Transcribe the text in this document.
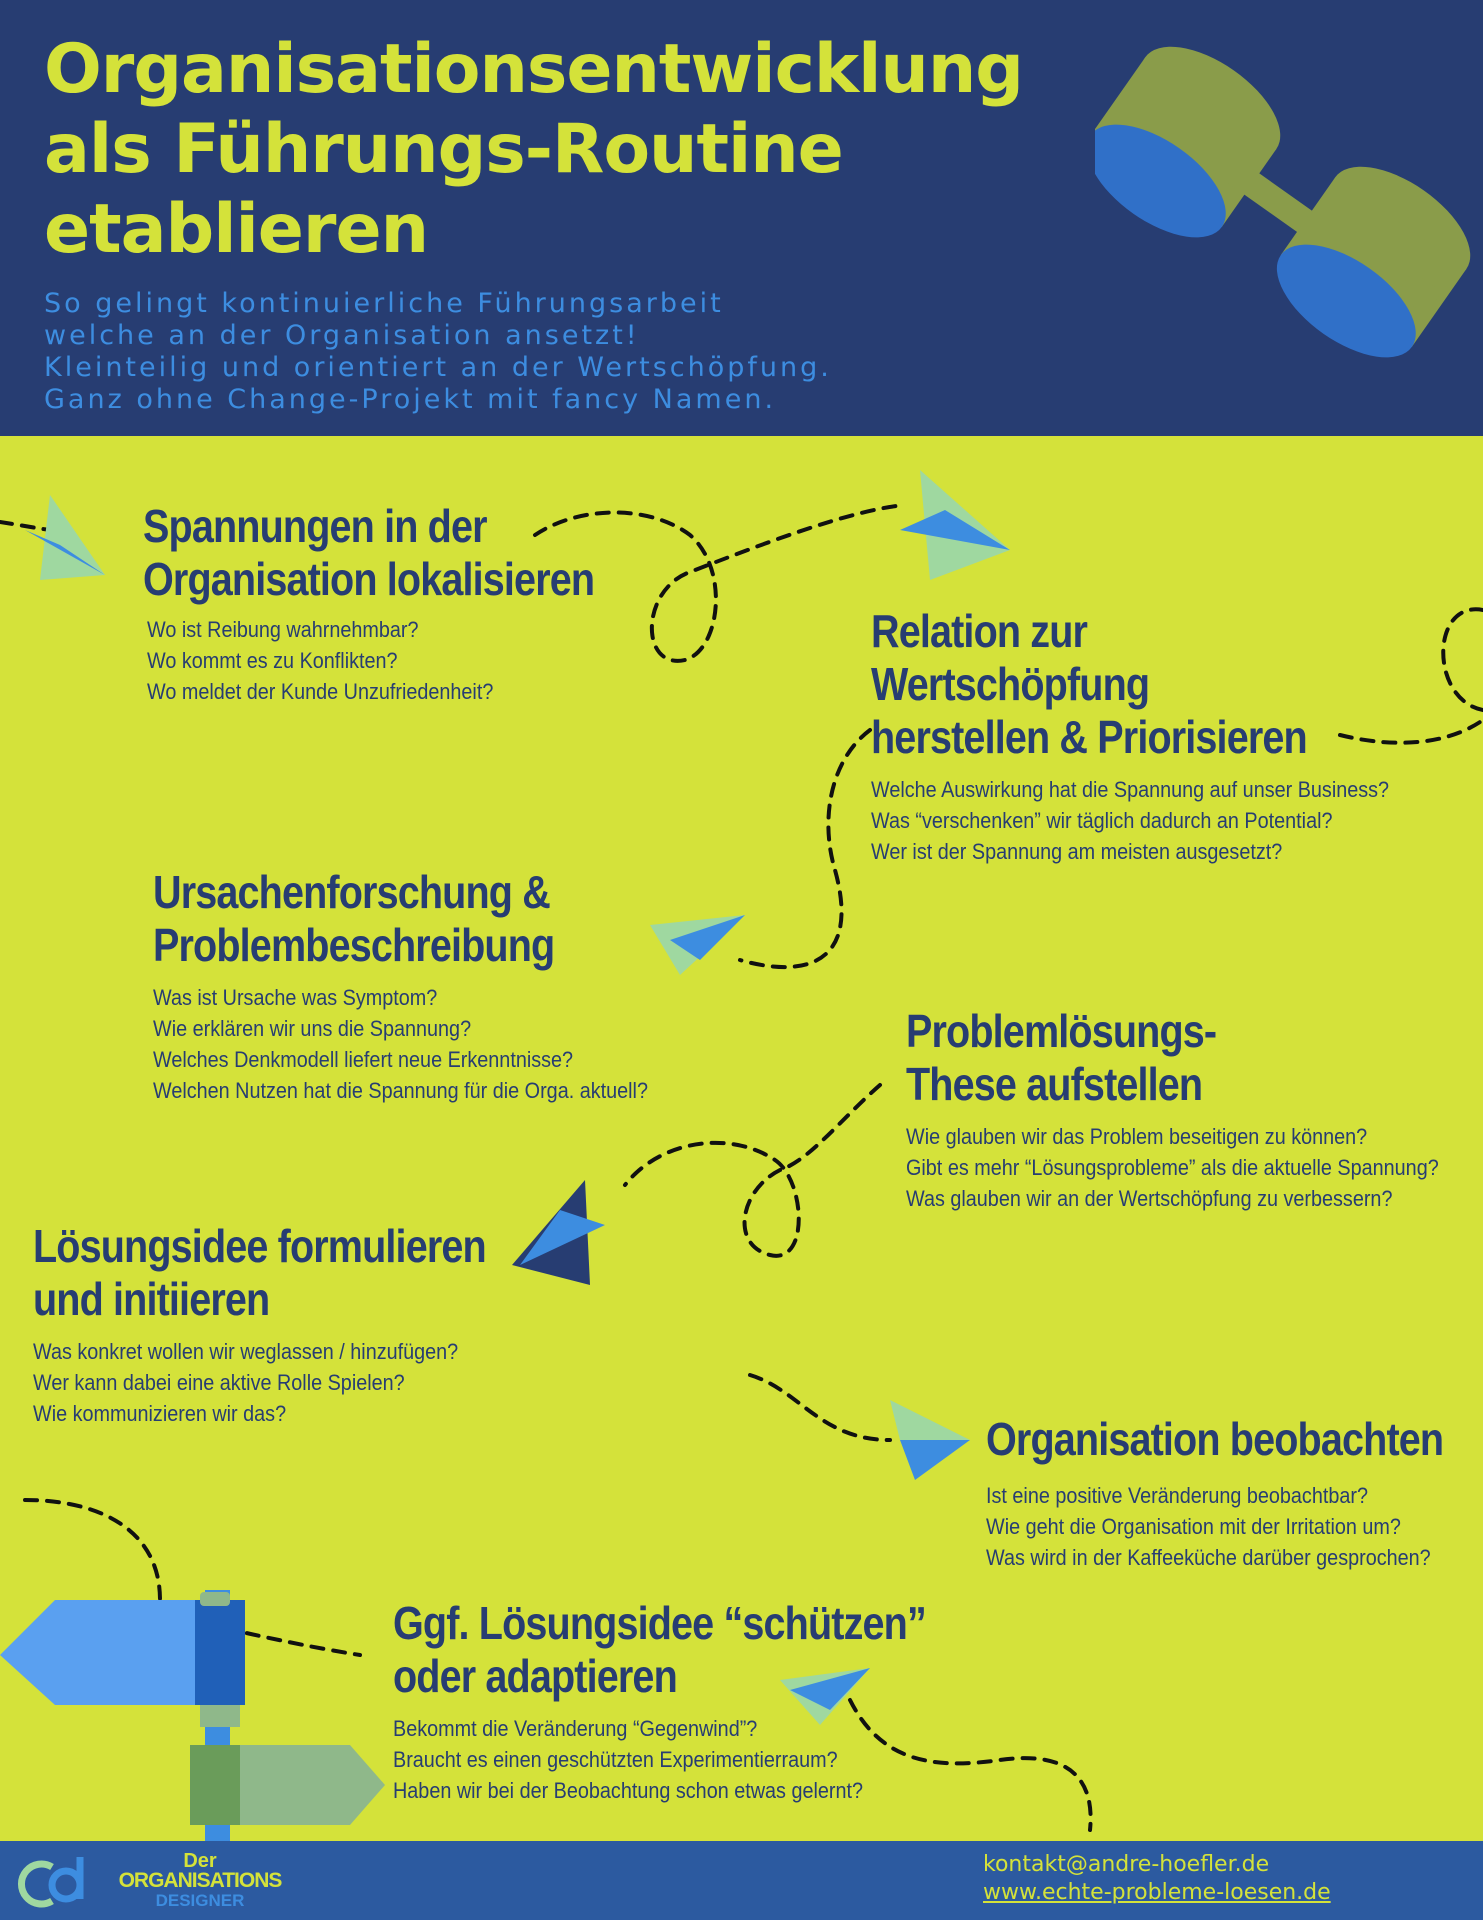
Organisationsentwicklung
als Führungs-Routine
etablieren
So gelingt kontinuierliche Führungsarbeit
welche an der Organisation ansetzt!
Kleinteilig und orientiert an der Wertschöpfung.
Ganz ohne Change-Projekt mit fancy Namen.
Spannungen in der
Organisation lokalisieren
Wo ist Reibung wahrnehmbar?
Wo kommt es zu Konflikten?
Wo meldet der Kunde Unzufriedenheit?
Relation zur
Wertschöpfung
herstellen & Priorisieren
Welche Auswirkung hat die Spannung auf unser Business?
Was “verschenken” wir täglich dadurch an Potential?
Wer ist der Spannung am meisten ausgesetzt?
Ursachenforschung &
Problembeschreibung
Was ist Ursache was Symptom?
Wie erklären wir uns die Spannung?
Welches Denkmodell liefert neue Erkenntnisse?
Welchen Nutzen hat die Spannung für die Orga. aktuell?
Problemlösungs-
These aufstellen
Wie glauben wir das Problem beseitigen zu können?
Gibt es mehr “Lösungsprobleme” als die aktuelle Spannung?
Was glauben wir an der Wertschöpfung zu verbessern?
Lösungsidee formulieren
und initiieren
Was konkret wollen wir weglassen / hinzufügen?
Wer kann dabei eine aktive Rolle Spielen?
Wie kommunizieren wir das?	Organisation beobachten
Ist eine positive Veränderung beobachtbar?
Wie geht die Organisation mit der Irritation um?
Was wird in der Kaffeeküche darüber gesprochen?
Ggf. Lösungsidee “schützen”
oder adaptieren
Bekommt die Veränderung “Gegenwind”?
Braucht es einen geschützten Experimentierraum?
Haben wir bei der Beobachtung schon etwas gelernt?
Der
ORGANISATIONS
DESIGNER
kontakt@andre-hoefler.de
www.echte-probleme-loesen.de
